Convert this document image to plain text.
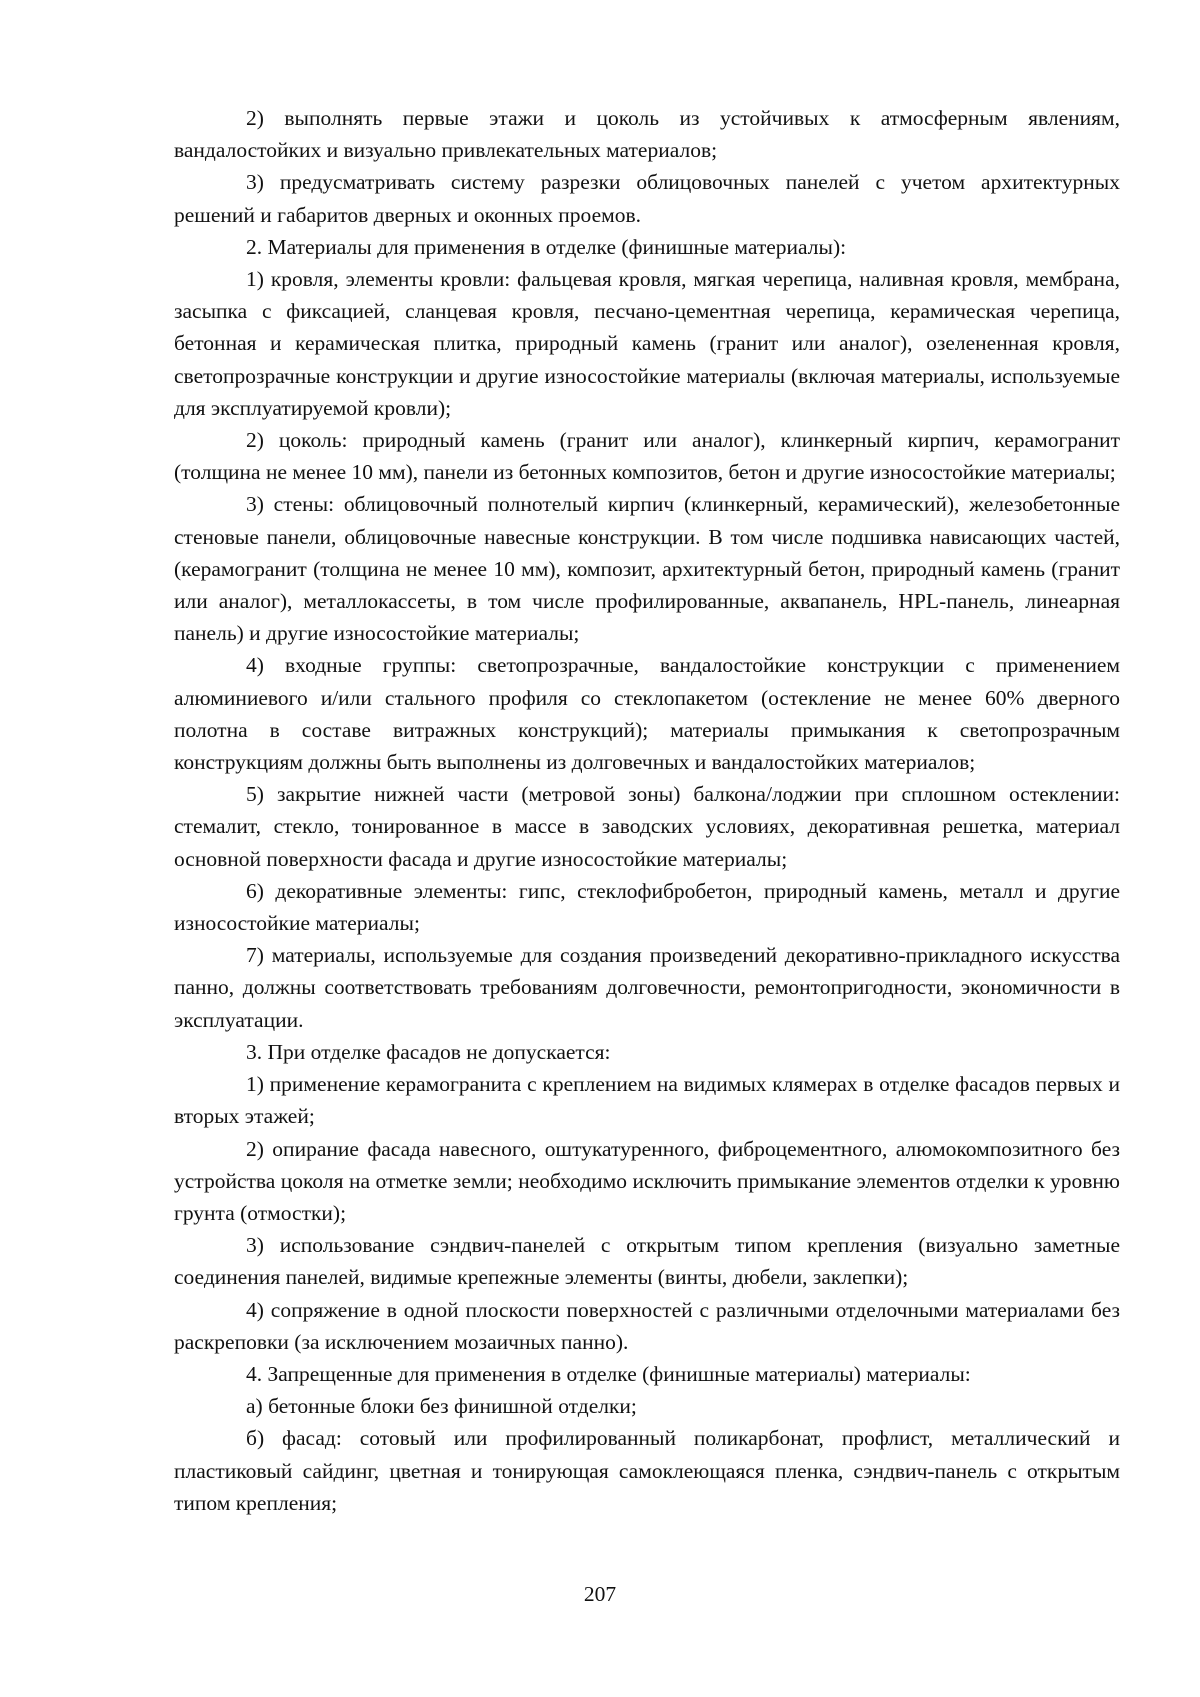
2) выполнять первые этажи и цоколь из устойчивых к атмосферным явлениям, вандалостойких и визуально привлекательных материалов;

3) предусматривать систему разрезки облицовочных панелей с учетом архитектурных решений и габаритов дверных и оконных проемов.

2. Материалы для применения в отделке (финишные материалы):

1) кровля, элементы кровли: фальцевая кровля, мягкая черепица, наливная кровля, мембрана, засыпка с фиксацией, сланцевая кровля, песчано-цементная черепица, керамическая черепица, бетонная и керамическая плитка, природный камень (гранит или аналог), озелененная кровля, светопрозрачные конструкции и другие износостойкие материалы (включая материалы, используемые для эксплуатируемой кровли);

2) цоколь: природный камень (гранит или аналог), клинкерный кирпич, керамогранит (толщина не менее 10 мм), панели из бетонных композитов, бетон и другие износостойкие материалы;

3) стены: облицовочный полнотелый кирпич (клинкерный, керамический), железобетонные стеновые панели, облицовочные навесные конструкции. В том числе подшивка нависающих частей, (керамогранит (толщина не менее 10 мм), композит, архитектурный бетон, природный камень (гранит или аналог), металлокассеты, в том числе профилированные, аквапанель, HPL-панель, линеарная панель) и другие износостойкие материалы;

4) входные группы: светопрозрачные, вандалостойкие конструкции с применением алюминиевого и/или стального профиля со стеклопакетом (остекление не менее 60% дверного полотна в составе витражных конструкций); материалы примыкания к светопрозрачным конструкциям должны быть выполнены из долговечных и вандалостойких материалов;

5) закрытие нижней части (метровой зоны) балкона/лоджии при сплошном остеклении: стемалит, стекло, тонированное в массе в заводских условиях, декоративная решетка, материал основной поверхности фасада и другие износостойкие материалы;

6) декоративные элементы: гипс, стеклофибробетон, природный камень, металл и другие износостойкие материалы;

7) материалы, используемые для создания произведений декоративно-прикладного искусства панно, должны соответствовать требованиям долговечности, ремонтопригодности, экономичности в эксплуатации.

3. При отделке фасадов не допускается:

1) применение керамогранита с креплением на видимых клямерах в отделке фасадов первых и вторых этажей;

2) опирание фасада навесного, оштукатуренного, фиброцементного, алюмокомпозитного без устройства цоколя на отметке земли; необходимо исключить примыкание элементов отделки к уровню грунта (отмостки);

3) использование сэндвич-панелей с открытым типом крепления (визуально заметные соединения панелей, видимые крепежные элементы (винты, дюбели, заклепки);

4) сопряжение в одной плоскости поверхностей с различными отделочными материалами без раскреповки (за исключением мозаичных панно).

4. Запрещенные для применения в отделке (финишные материалы) материалы:

а) бетонные блоки без финишной отделки;

б) фасад: сотовый или профилированный поликарбонат, профлист, металлический и пластиковый сайдинг, цветная и тонирующая самоклеющаяся пленка, сэндвич-панель с открытым типом крепления;

207
